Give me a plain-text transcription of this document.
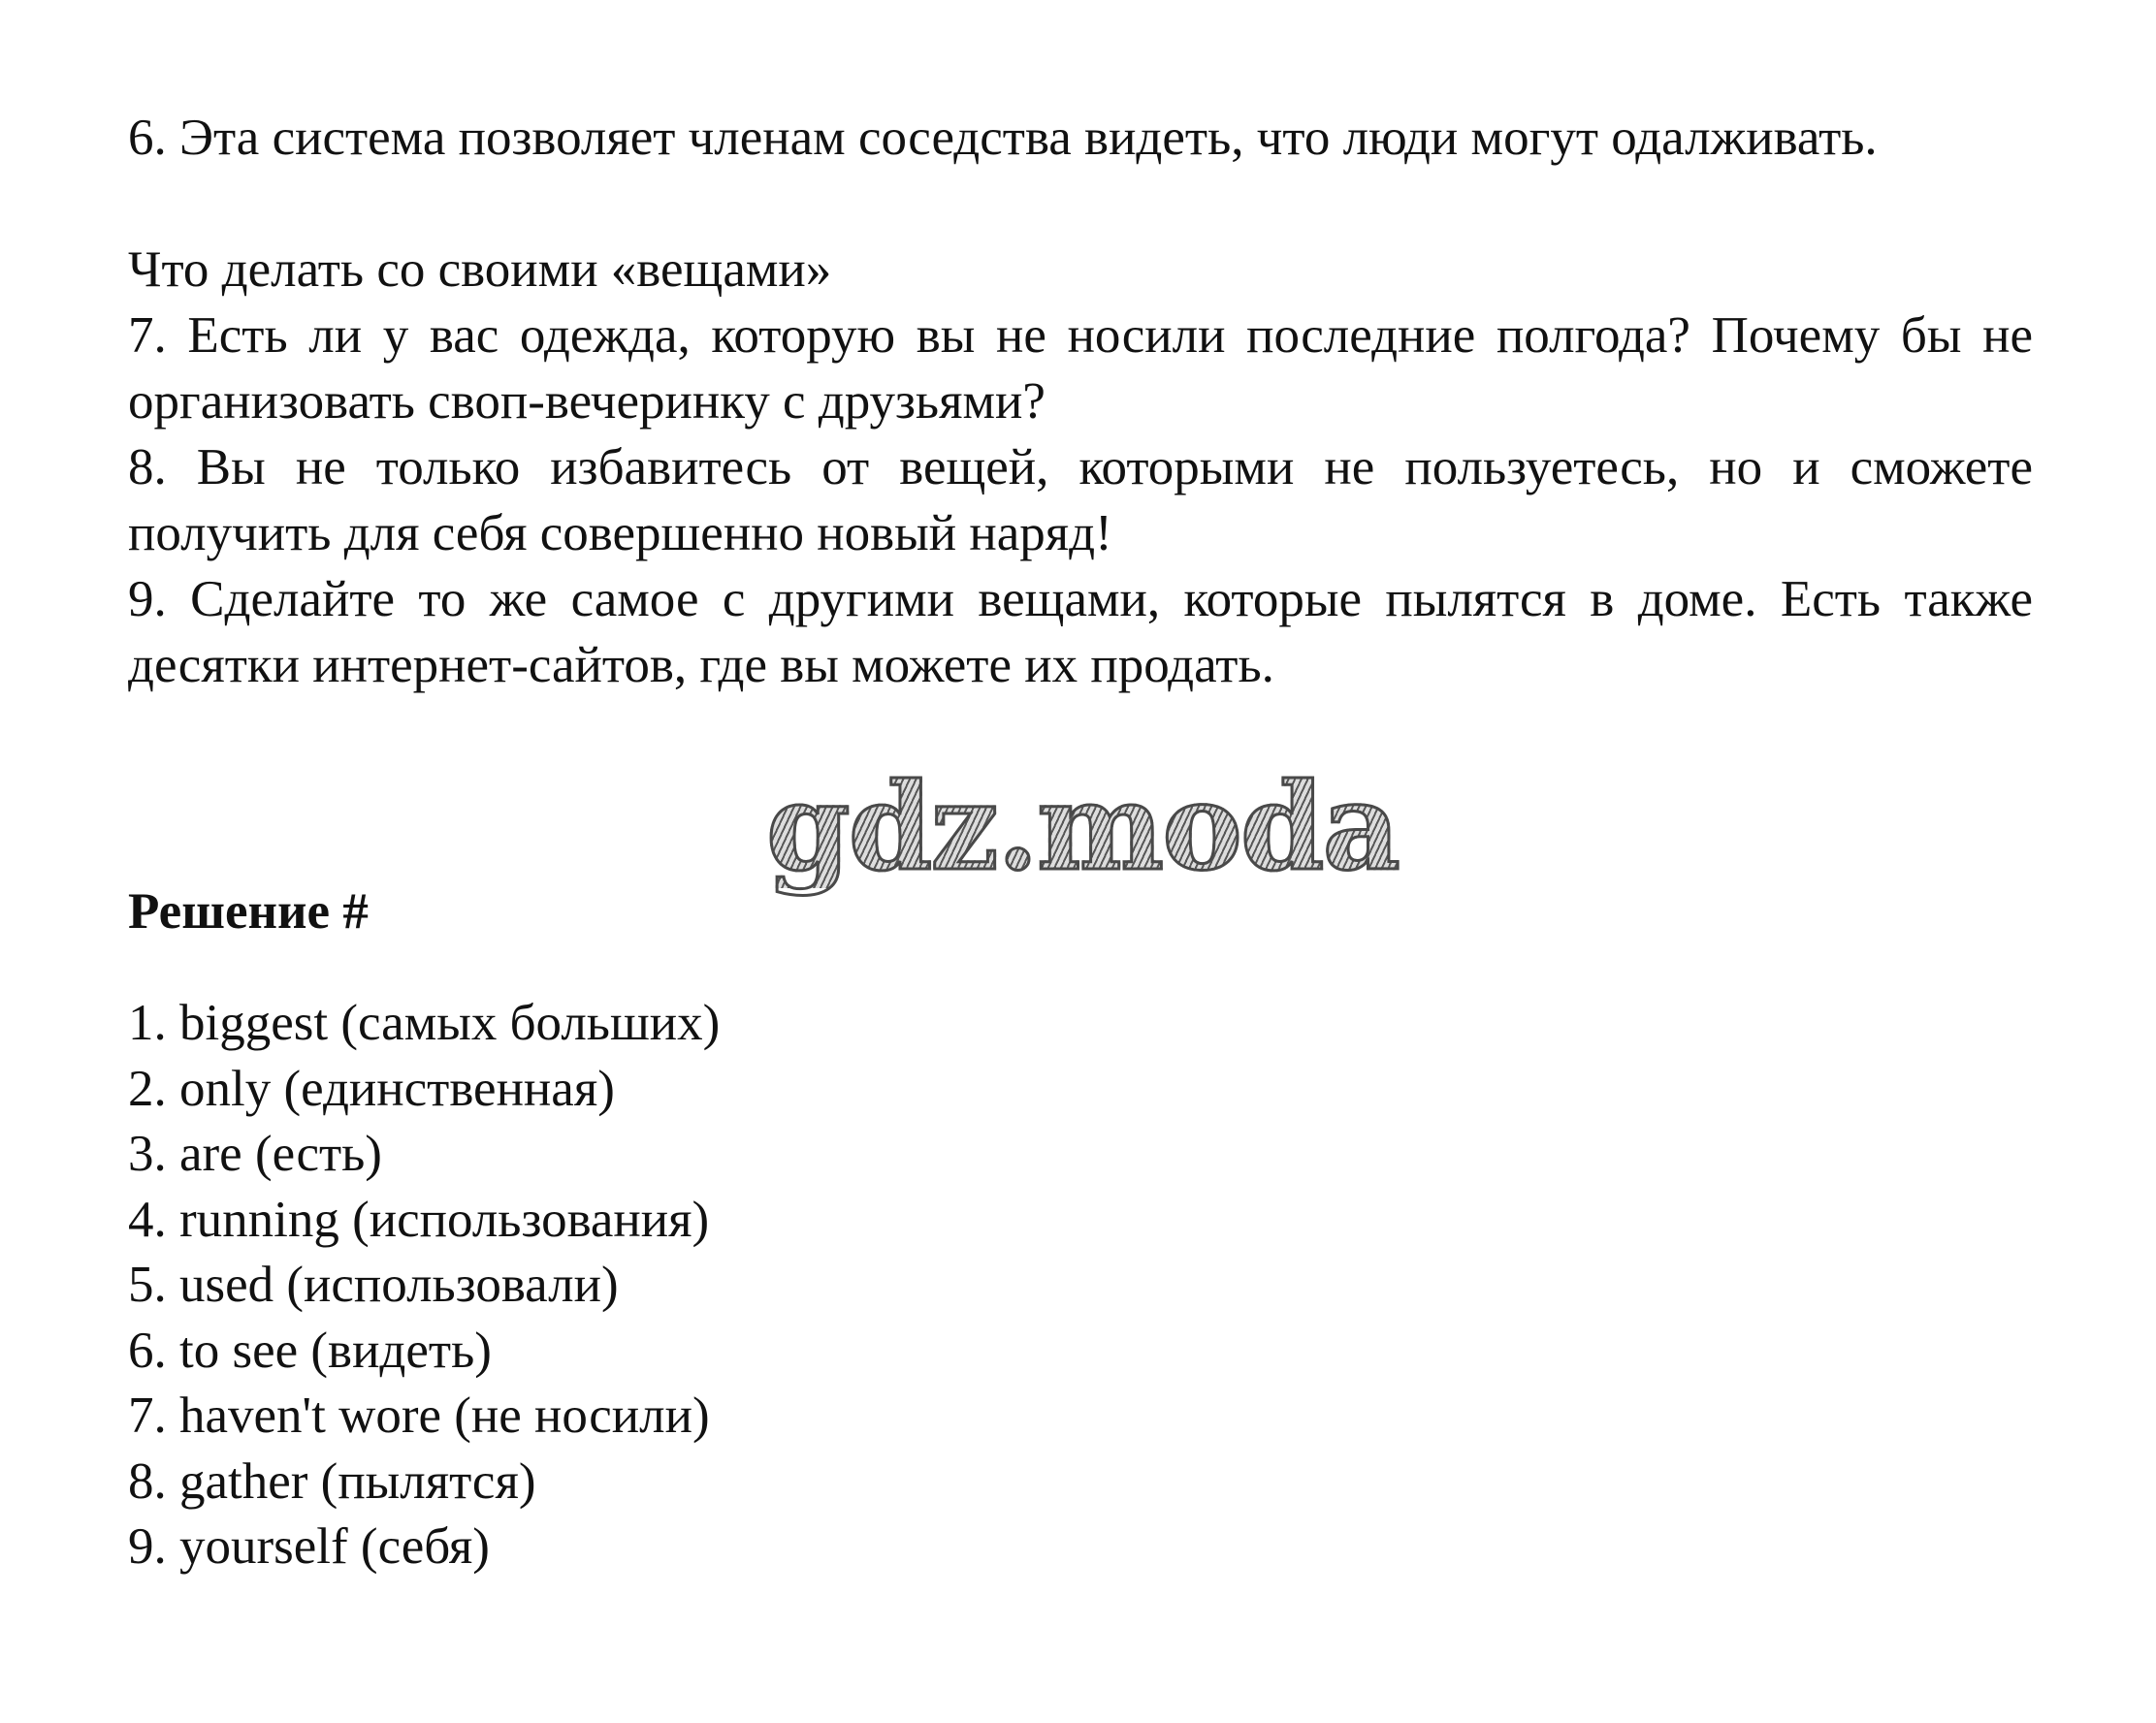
6. Эта система позволяет членам соседства видеть, что люди могут одалживать.

Что делать со своими «вещами»

7. Есть ли у вас одежда, которую вы не носили последние полгода? Почему бы не организовать своп-вечеринку с друзьями?

8. Вы не только избавитесь от вещей, которыми не пользуетесь, но и сможете получить для себя совершенно новый наряд!

9. Сделайте то же самое с другими вещами, которые пылятся в доме. Есть также десятки интернет-сайтов, где вы можете их продать.

gdz.moda

Решение #

1. biggest (самых больших)
2. only (единственная)
3. are (есть)
4. running (использования)
5. used (использовали)
6. to see (видеть)
7. haven't wore (не носили)
8. gather (пылятся)
9. yourself (себя)
